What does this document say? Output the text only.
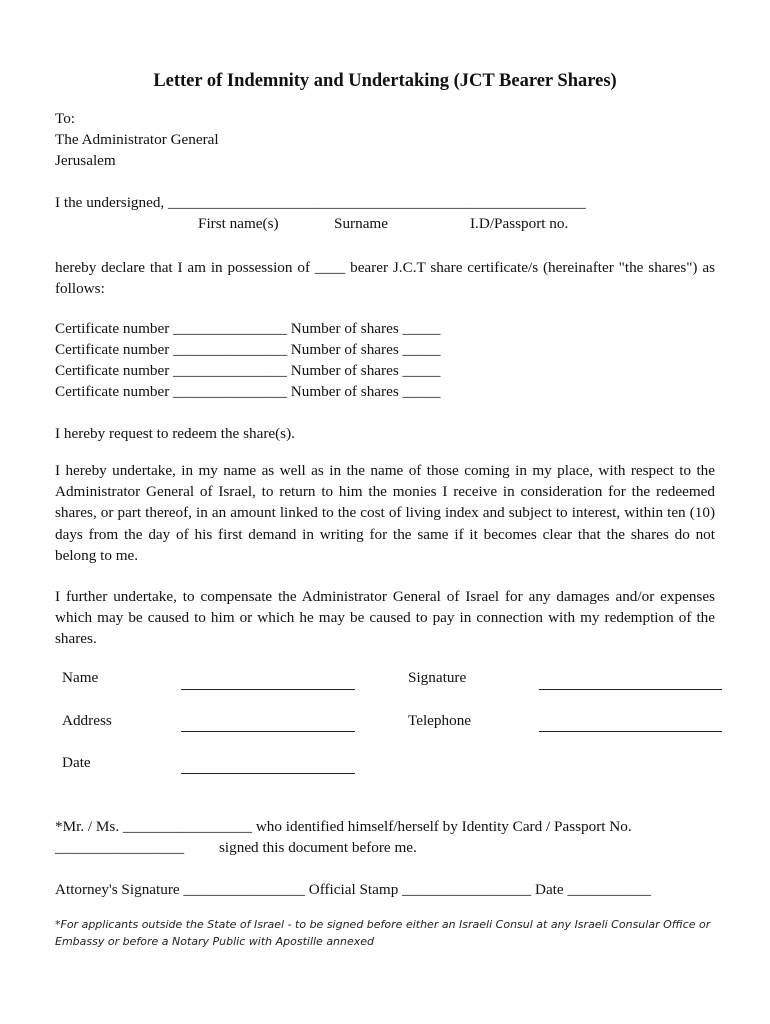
Letter of Indemnity and Undertaking (JCT Bearer Shares)
To:
The Administrator General
Jerusalem
I the undersigned, _______________________________________________________
First name(s)	Surname	I.D/Passport no.
hereby declare that I am in possession of ____ bearer J.C.T share certificate/s (hereinafter "the shares") as follows:
Certificate number _______________ Number of shares _____
Certificate number _______________ Number of shares _____
Certificate number _______________ Number of shares _____
Certificate number _______________ Number of shares _____
I hereby request to redeem the share(s).
I hereby undertake, in my name as well as in the name of those coming in my place, with respect to the Administrator General of Israel, to return to him the monies I receive in consideration for the redeemed shares, or part thereof, in an amount linked to the cost of living index and subject to interest, within ten (10) days from the day of his first demand in writing for the same if it becomes clear that the shares do not belong to me.
I further undertake, to compensate the Administrator General of Israel for any damages and/or expenses which may be caused to him or which he may be caused to pay in connection with my redemption of the shares.
Name	Signature
Address	Telephone
Date
*Mr. / Ms. _________________ who identified himself/herself by Identity Card / Passport No.
_________________ signed this document before me.
Attorney's Signature ________________ Official Stamp _________________ Date ___________
*For applicants outside the State of Israel - to be signed before either an Israeli Consul at any Israeli Consular Office or Embassy or before a Notary Public with Apostille annexed
